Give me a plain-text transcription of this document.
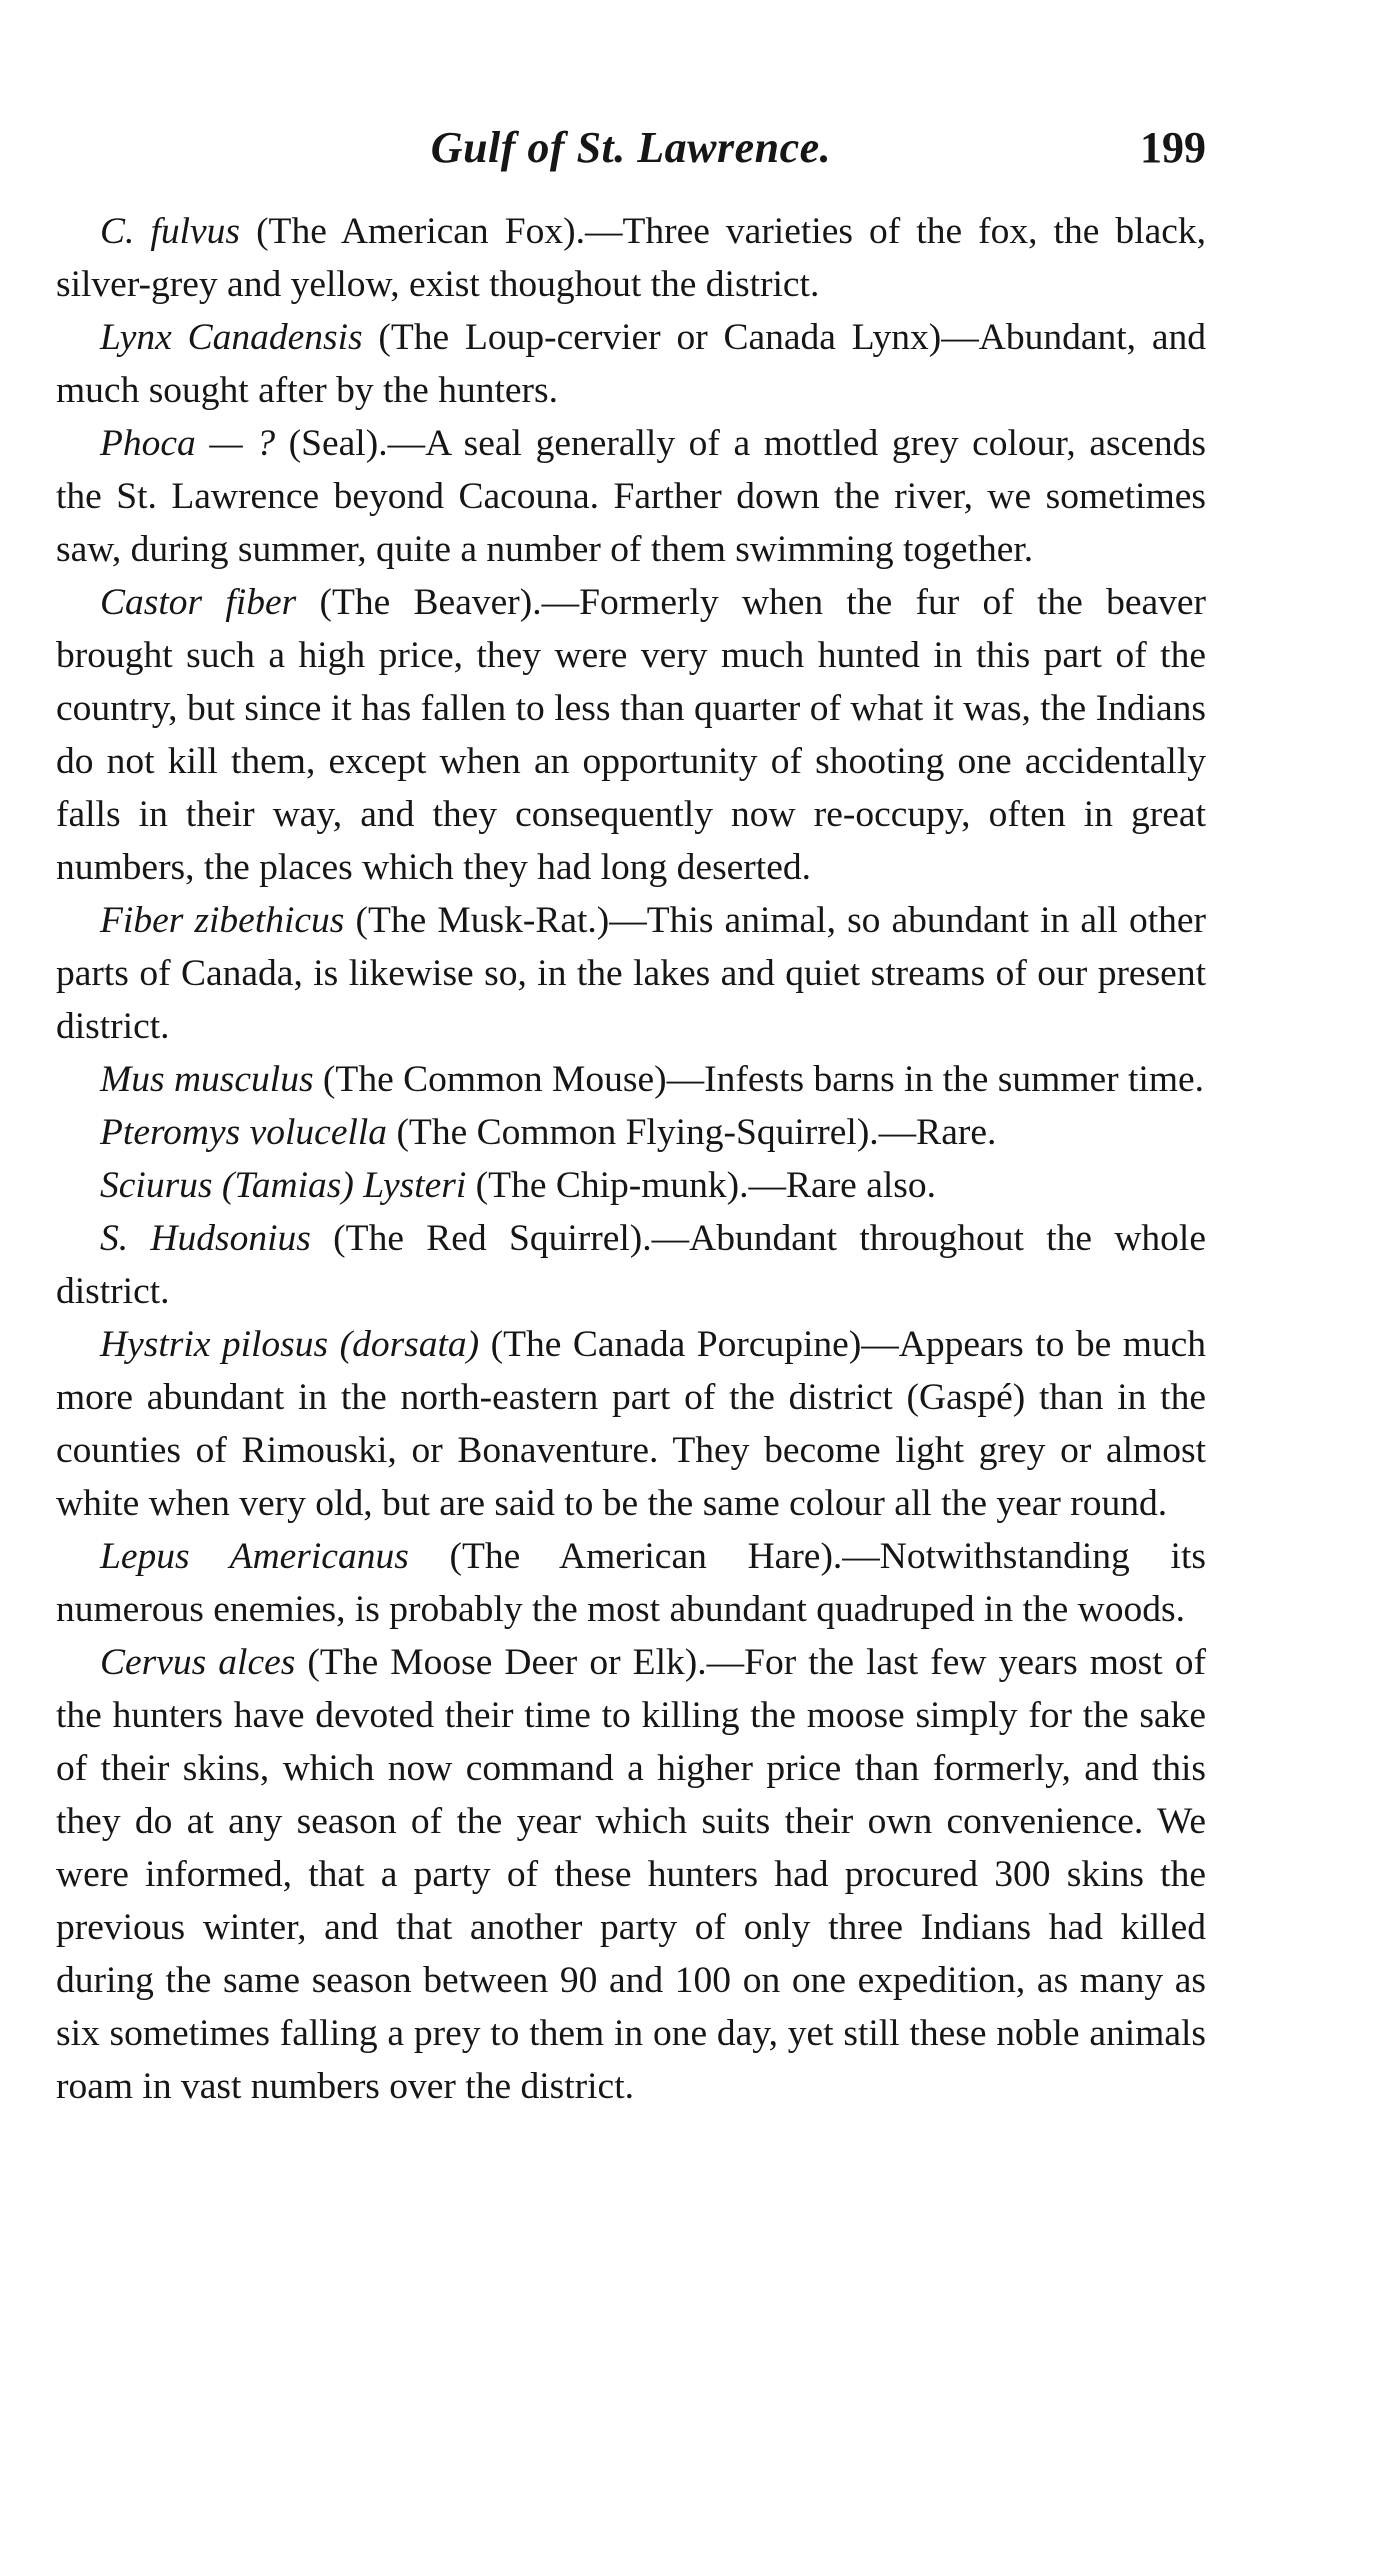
Gulf of St. Lawrence.	199

C. fulvus (The American Fox).—Three varieties of the fox, the black, silver-grey and yellow, exist thoughout the district.

Lynx Canadensis (The Loup-cervier or Canada Lynx)—Abundant, and much sought after by the hunters.

Phoca — ? (Seal).—A seal generally of a mottled grey colour, ascends the St. Lawrence beyond Cacouna. Farther down the river, we sometimes saw, during summer, quite a number of them swimming together.

Castor fiber (The Beaver).—Formerly when the fur of the beaver brought such a high price, they were very much hunted in this part of the country, but since it has fallen to less than quarter of what it was, the Indians do not kill them, except when an opportunity of shooting one accidentally falls in their way, and they consequently now re-occupy, often in great numbers, the places which they had long deserted.

Fiber zibethicus (The Musk-Rat.)—This animal, so abundant in all other parts of Canada, is likewise so, in the lakes and quiet streams of our present district.

Mus musculus (The Common Mouse)—Infests barns in the summer time.

Pteromys volucella (The Common Flying-Squirrel).—Rare.

Sciurus (Tamias) Lysteri (The Chip-munk).—Rare also.

S. Hudsonius (The Red Squirrel).—Abundant throughout the whole district.

Hystrix pilosus (dorsata) (The Canada Porcupine)—Appears to be much more abundant in the north-eastern part of the district (Gaspé) than in the counties of Rimouski, or Bonaventure. They become light grey or almost white when very old, but are said to be the same colour all the year round.

Lepus Americanus (The American Hare).—Notwithstanding its numerous enemies, is probably the most abundant quadruped in the woods.

Cervus alces (The Moose Deer or Elk).—For the last few years most of the hunters have devoted their time to killing the moose simply for the sake of their skins, which now command a higher price than formerly, and this they do at any season of the year which suits their own convenience. We were informed, that a party of these hunters had procured 300 skins the previous winter, and that another party of only three Indians had killed during the same season between 90 and 100 on one expedition, as many as six sometimes falling a prey to them in one day, yet still these noble animals roam in vast numbers over the district.
